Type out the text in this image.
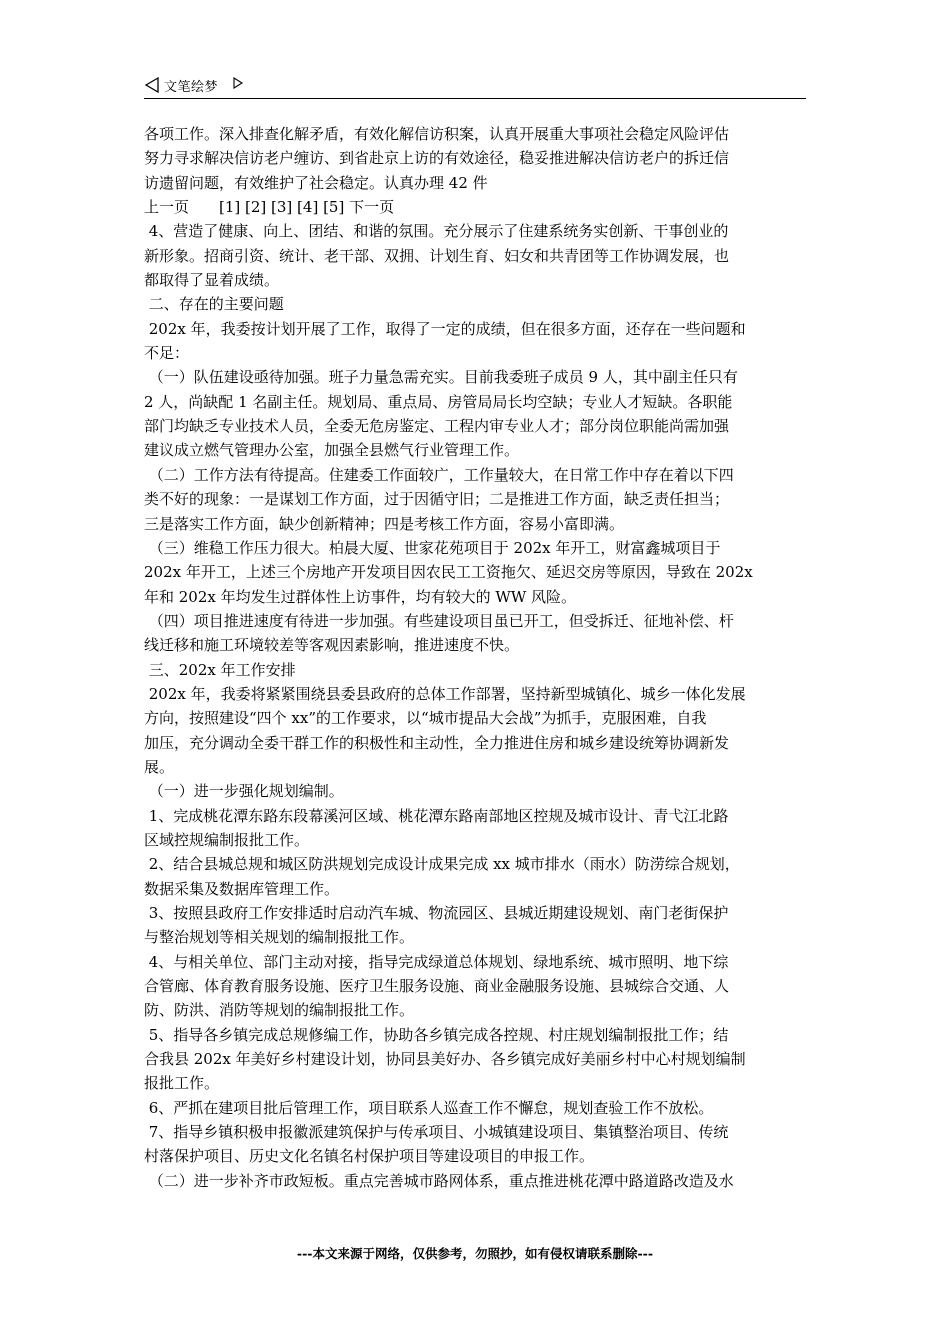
文笔绘梦
各项工作。深入排查化解矛盾，有效化解信访积案，认真开展重大事项社会稳定风险评估
努力寻求解决信访老户缠访、到省赴京上访的有效途径，稳妥推进解决信访老户的拆迁信
访遗留问题，有效维护了社会稳定。认真办理 42 件
上一页　　[1] [2] [3] [4] [5] 下一页
4、营造了健康、向上、团结、和谐的氛围。充分展示了住建系统务实创新、干事创业的
新形象。招商引资、统计、老干部、双拥、计划生育、妇女和共青团等工作协调发展，也
都取得了显着成绩。
二、存在的主要问题
202x 年，我委按计划开展了工作，取得了一定的成绩，但在很多方面，还存在一些问题和
不足：
（一）队伍建设亟待加强。班子力量急需充实。目前我委班子成员 9 人，其中副主任只有
2 人，尚缺配 1 名副主任。规划局、重点局、房管局局长均空缺；专业人才短缺。各职能
部门均缺乏专业技术人员，全委无危房鉴定、工程内审专业人才；部分岗位职能尚需加强
建议成立燃气管理办公室，加强全县燃气行业管理工作。
（二）工作方法有待提高。住建委工作面较广，工作量较大，在日常工作中存在着以下四
类不好的现象：一是谋划工作方面，过于因循守旧；二是推进工作方面，缺乏责任担当；
三是落实工作方面，缺少创新精神；四是考核工作方面，容易小富即满。
（三）维稳工作压力很大。柏晨大厦、世家花苑项目于 202x 年开工，财富鑫城项目于
202x 年开工，上述三个房地产开发项目因农民工工资拖欠、延迟交房等原因，导致在 202x
年和 202x 年均发生过群体性上访事件，均有较大的 WW 风险。
（四）项目推进速度有待进一步加强。有些建设项目虽已开工，但受拆迁、征地补偿、杆
线迁移和施工环境较差等客观因素影响，推进速度不快。
三、202x 年工作安排
202x 年，我委将紧紧围绕县委县政府的总体工作部署，坚持新型城镇化、城乡一体化发展
方向，按照建设“四个 xx”的工作要求，以“城市提品大会战”为抓手，克服困难，自我
加压，充分调动全委干群工作的积极性和主动性，全力推进住房和城乡建设统筹协调新发
展。
（一）进一步强化规划编制。
1、完成桃花潭东路东段幕溪河区域、桃花潭东路南部地区控规及城市设计、青弋江北路
区域控规编制报批工作。
2、结合县城总规和城区防洪规划完成设计成果完成 xx 城市排水（雨水）防涝综合规划，
数据采集及数据库管理工作。
3、按照县政府工作安排适时启动汽车城、物流园区、县城近期建设规划、南门老街保护
与整治规划等相关规划的编制报批工作。
4、与相关单位、部门主动对接，指导完成绿道总体规划、绿地系统、城市照明、地下综
合管廊、体育教育服务设施、医疗卫生服务设施、商业金融服务设施、县城综合交通、人
防、防洪、消防等规划的编制报批工作。
5、指导各乡镇完成总规修编工作，协助各乡镇完成各控规、村庄规划编制报批工作；结
合我县 202x 年美好乡村建设计划，协同县美好办、各乡镇完成好美丽乡村中心村规划编制
报批工作。
6、严抓在建项目批后管理工作，项目联系人巡查工作不懈怠，规划查验工作不放松。
7、指导乡镇积极申报徽派建筑保护与传承项目、小城镇建设项目、集镇整治项目、传统
村落保护项目、历史文化名镇名村保护项目等建设项目的申报工作。
（二）进一步补齐市政短板。重点完善城市路网体系，重点推进桃花潭中路道路改造及水
---本文来源于网络，仅供参考，勿照抄，如有侵权请联系删除---
